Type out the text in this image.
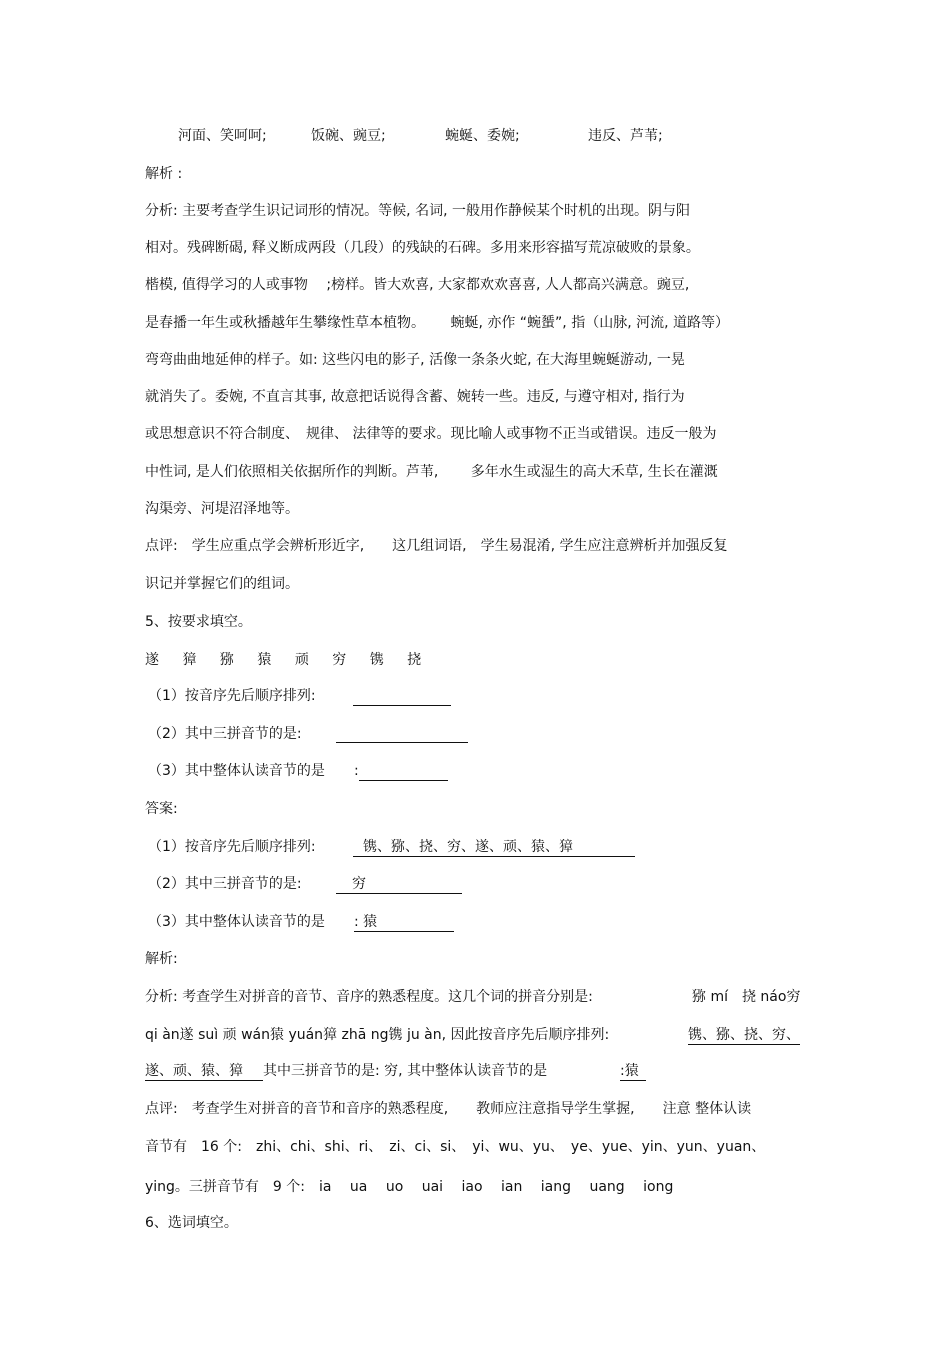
河面、笑呵呵;	饭碗、豌豆;	蜿蜒、委婉;	违反、芦苇;
解析 :
分析: 主要考查学生识记词形的情况。等候, 名词, 一般用作静候某个时机的出现。阴与阳
相对。残碑断碣, 释义断成两段（几段）的残缺的石碑。多用来形容描写荒凉破败的景象。
楷模, 值得学习的人或事物　 ;榜样。皆大欢喜, 大家都欢欢喜喜, 人人都高兴满意。豌豆,
是春播一年生或秋播越年生攀缘性草本植物。　　 蜿蜒, 亦作 “蜿蜑”, 指（山脉, 河流, 道路等）
弯弯曲曲地延伸的样子。如: 这些闪电的影子, 活像一条条火蛇, 在大海里蜿蜒游动, 一晃
就消失了。委婉, 不直言其事, 故意把话说得含蓄、婉转一些。违反, 与遵守相对, 指行为
或思想意识不符合制度、　规律、 法律等的要求。现比喻人或事物不正当或错误。违反一般为
中性词, 是人们依照相关依据所作的判断。芦苇,　　 多年水生或湿生的高大禾草, 生长在灌溉
沟渠旁、河堤沼泽地等。
点评:　学生应重点学会辨析形近字,　　这几组词语,　学生易混淆, 学生应注意辨析并加强反复
识记并掌握它们的组词。
5、按要求填空。
遂 獐 猕 猿 顽 穷 镌 挠
（1）按音序先后顺序排列:
（2）其中三拼音节的是:
（3）其中整体认读音节的是 :
答案:
（1）按音序先后顺序排列:	镌、猕、挠、穷、遂、顽、猿、獐
（2）其中三拼音节的是:	穷
（3）其中整体认读音节的是 : 猿
解析:
分析: 考查学生对拼音的音节、音序的熟悉程度。这几个词的拼音分别是:	猕 mí　挠 náo穷
qi àn遂 suì 顽 wán猿 yuán獐 zhā ng镌 ju àn, 因此按音序先后顺序排列:	镌、猕、挠、穷、
遂、顽、猿、獐 其中三拼音节的是: 穷, 其中整体认读音节的是	:猿
点评:　考查学生对拼音的音节和音序的熟悉程度,　　教师应注意指导学生掌握,　　注意 整体认读
音节有　16 个:　zhi、chi、shi、ri、　zi、ci、si、　yi、wu、yu、　ye、yue、yin、yun、yuan、
ying。三拼音节有　9 个:　ia　 ua　 uo　 uai　 iao　 ian　 iang　 uang　 iong
6、选词填空。
